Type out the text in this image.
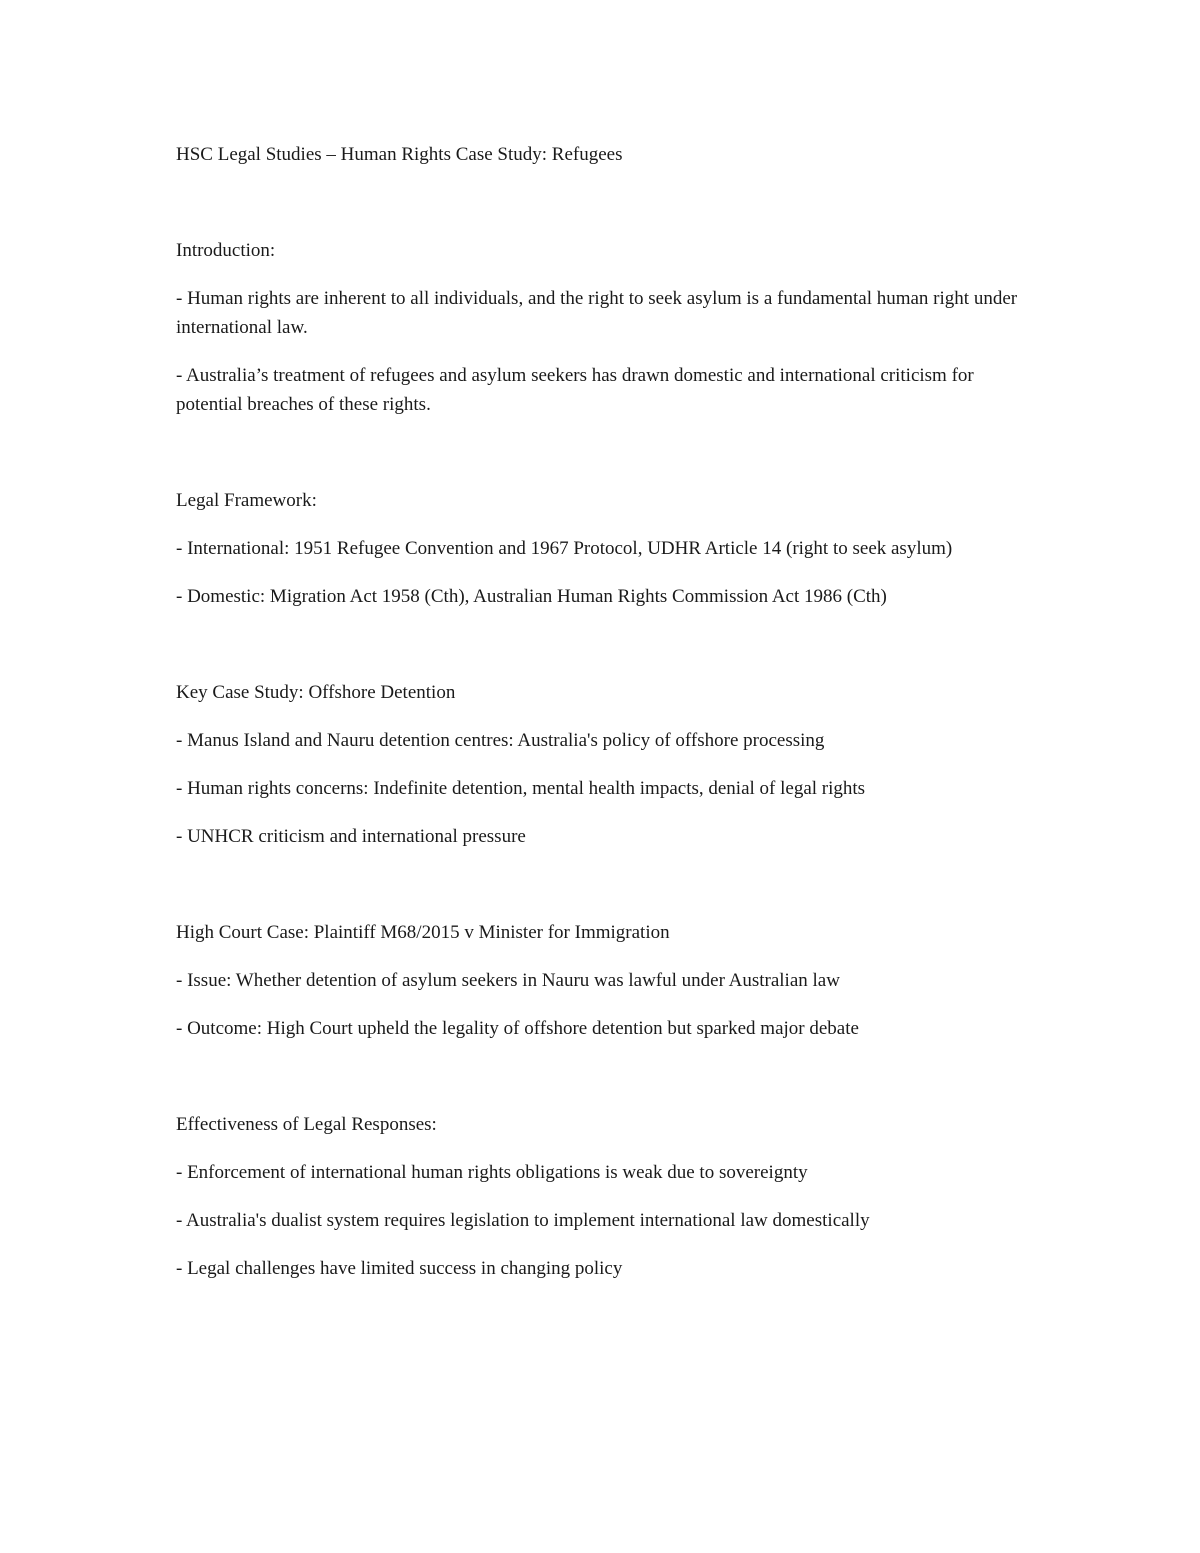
HSC Legal Studies – Human Rights Case Study: Refugees

Introduction:

- Human rights are inherent to all individuals, and the right to seek asylum is a fundamental human right under international law.

- Australia’s treatment of refugees and asylum seekers has drawn domestic and international criticism for potential breaches of these rights.

Legal Framework:

- International: 1951 Refugee Convention and 1967 Protocol, UDHR Article 14 (right to seek asylum)

- Domestic: Migration Act 1958 (Cth), Australian Human Rights Commission Act 1986 (Cth)

Key Case Study: Offshore Detention

- Manus Island and Nauru detention centres: Australia's policy of offshore processing

- Human rights concerns: Indefinite detention, mental health impacts, denial of legal rights

- UNHCR criticism and international pressure

High Court Case: Plaintiff M68/2015 v Minister for Immigration

- Issue: Whether detention of asylum seekers in Nauru was lawful under Australian law

- Outcome: High Court upheld the legality of offshore detention but sparked major debate

Effectiveness of Legal Responses:

- Enforcement of international human rights obligations is weak due to sovereignty

- Australia's dualist system requires legislation to implement international law domestically

- Legal challenges have limited success in changing policy
